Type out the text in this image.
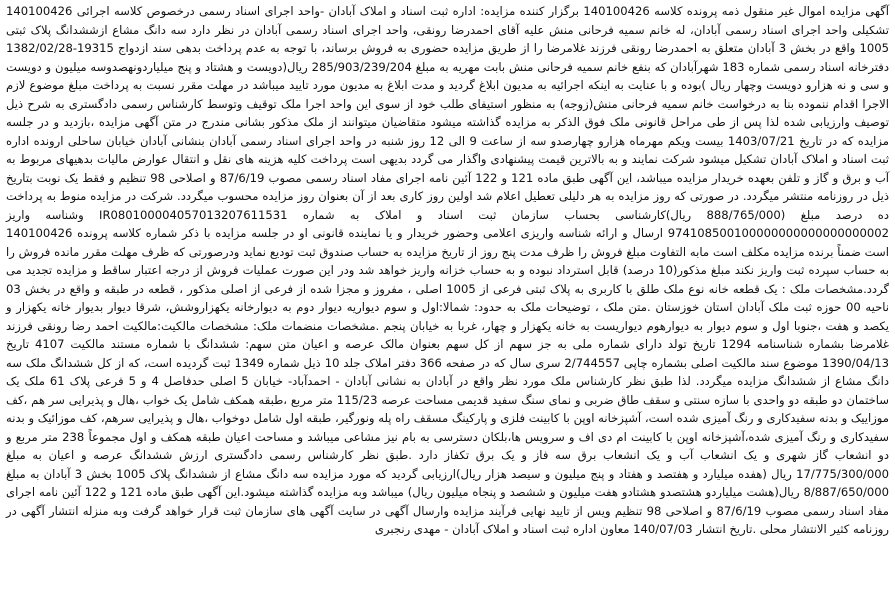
آگهی مزایده اموال غیر منقول ذمه پرونده کلاسه 140100426 برگزار کننده مزایده: اداره ثبت اسناد و املاک آبادان -واحد اجرای اسناد رسمی درخصوص کلاسه اجرائی 140100426 تشکیلی واحد اجرای اسناد رسمی آبادان، له خانم سمیه فرحانی منش علیه آقای احمدرضا رونقی، واحد اجرای اسناد رسمی آبادان در نظر دارد سه دانگ مشاع ازششدانگ پلاک ثبتی 1005 واقع در بخش 3 آبادان متعلق به احمدرضا رونقی فرزند غلامرضا را از طریق مزایده حضوری به فروش برساند، با توجه به عدم پرداخت بدهی سند ازدواج 19315-1382/02/28 دفترخانه اسناد رسمی شماره 183 شهرآبادان که بنفع خانم سمیه فرحانی منش بابت مهریه به مبلغ 285/903/239/204 ریال(دویست و هشتاد و پنج میلیاردونهصدوسه میلیون و دویست و سی و نه هزارو دویست وچهار ریال )بوده و با عنایت به اینکه اجرائیه به مدیون ابلاغ گردید و مدت ابلاغ به مدیون مورد تایید میباشد در مهلت مقرر نسبت به پرداخت مبلغ موضوع لازم الاجرا اقدام ننموده بنا به درخواست خانم سمیه فرحانی منش(زوجه) به منظور استیفای طلب خود از سوی این واحد اجرا ملک توقیف وتوسط کارشناس رسمی دادگستری به شرح ذیل توصیف وارزیابی شده لذا پس از طی مراحل قانونی ملک فوق الذکر به مزایده گذاشته میشود متقاضیان میتوانند از ملک مذکور بشانی مندرج در متن آگهی مزایده ،بازدید و در جلسه مزایده که در تاریخ 1403/07/21 بیست ویکم مهرماه هزارو چهارصدو سه از ساعت 9 الی 12 روز شنبه در واحد اجرای اسناد رسمی آبادان بنشانی آبادان خیابان ساحلی ارونده اداره ثبت اسناد و املاک آبادان تشکیل میشود شرکت نمایند و به بالاترین قیمت پیشنهادی واگذار می گردد بدیهی است پرداخت کلیه هزینه های نقل و انتقال عوارض مالیات بدهیهای مربوط به آب و برق و گاز و تلفن بعهده خریدار مزایده میباشد، این آگهی طبق ماده 121 و 122 آئین نامه اجرای مفاد اسناد رسمی مصوب 87/6/19 و اصلاحی 98 تنظیم و فقط یک نوبت بتاریخ ذیل در روزنامه منتشر میگردد. در صورتی که روز مزایده به هر دلیلی تعطیل اعلام شد اولین روز کاری بعد از آن بعنوان روز مزایده محسوب میگردد. شرکت در مزایده منوط به پرداخت ده درصد مبلغ (888/765/000 ریال)کارشناسی بحساب سازمان ثبت اسناد و املاک به شماره IR080100004057013207611531 وشناسه واریز 974108500100000000000000000002 ارسال و ارائه شناسه واریزی اعلامی وحضور خریدار و یا نماینده قانونی او در جلسه مزایده با ذکر شماره کلاسه پرونده 140100426 است ضمناً برنده مزایده مکلف است مابه التفاوت مبلغ فروش را ظرف مدت پنج روز از تاریخ مزایده به حساب صندوق ثبت تودیع نماید ودرصورتی که ظرف مهلت مقرر مانده فروش را به حساب سپرده ثبت واریز نکند مبلغ مذکور(10 درصد) قابل استرداد نبوده و به حساب خزانه واریز خواهد شد ودر این صورت عملیات فروش از درجه اعتبار ساقط و مزایده تجدید می گردد.مشخصات ملک : یک قطعه خانه نوع ملک طلق با کاربری به پلاک ثبتی فرعی از 1005 اصلی ، مفروز و مجزا شده از فرعی از اصلی مذکور ، قطعه در طبقه و واقع در بخش 03 ناحیه 00 حوزه ثبت ملک آبادان استان خوزستان .متن ملک ، توضیحات ملک به حدود: شمالا:اول و سوم دیواریه دیوار دوم به دیوارخانه یکهزاروشش، شرقا دیوار بدیوار خانه یکهزار و یکصد و هفت ،جنوبا اول و سوم دیوار به دیوارهوم دیواریست به خانه یکهزار و چهار، غربا به خیابان پنجم .مشخصات منضمات ملک: مشخصات مالکیت:مالکیت احمد رضا رونقی فرزند غلامرضا بشماره شناسنامه 1294 تاریخ تولد دارای شماره ملی به جز سهم از کل سهم بعنوان مالک عرصه و اعیان متن سهم: ششدانگ با شماره مستند مالکیت 4107 تاریخ 1390/04/13 موضوع سند مالکیت اصلی بشماره چاپی 2/744557 سری سال که در صفحه 366 دفتر املاک جلد 10 ذیل شماره 1349 ثبت گردیده است، که از کل ششدانگ ملک سه دانگ مشاع از ششدانگ مزایده میگردد. لذا طبق نظر کارشناس ملک مورد نظر واقع در آبادان به نشانی آبادان - احمدآباد- خیابان 5 اصلی حدفاصل 4 و 5 فرعی پلاک 61 ملک یک ساختمان دو طبقه دو واحدی با سازه سنتی و سقف طاق ضربی و نمای سنگ سفید قدیمی مساحت عرصه 115/23 متر مربع ،طبقه همکف شامل یک خواب ،هال و پذیرایی سر هم ،کف موزاییک و بدنه سفیدکاری و رنگ آمیزی شده است، آشپزخانه اوپن با کابینت فلزی و پارکینگ مسقف راه پله ونورگیر، طبقه اول شامل دوخواب ،هال و پذیرایی سرهم، کف موزائیک و بدنه سفیدکاری و رنگ آمیزی شده،آشپزخانه اوپن با کابینت ام دی اف و سرویس ها،بلکان دسترسی به بام نیز مشاعی میباشد و مساحت اعیان طبقه همکف و اول مجموعاً 238 متر مربع و دو انشعاب گاز شهری و یک انشعاب آب و یک انشعاب برق سه فاز و یک برق تکفاز دارد .طبق نظر کارشناس رسمی دادگستری ارزش ششدانگ عرصه و اعیان به مبلغ 17/775/300/000 ریال (هفده میلیارد و هفتصد و هفتاد و پنج میلیون و سیصد هزار ریال)ارزیابی گردید که مورد مزایده سه دانگ مشاع از ششدانگ پلاک 1005 بخش 3 آبادان به مبلغ 8/887/650/000 ریال(هشت میلیاردو هشتصدو هشتادو هفت میلیون و ششصد و پنجاه میلیون ریال) میباشد وبه مزایده گذاشته میشود.این آگهی طبق ماده 121 و 122 آئین نامه اجرای مفاد اسناد رسمی مصوب 87/6/19 و اصلاحی 98 تنظیم ویس از تایید نهایی فرآیند مزایده وارسال آگهی در سایت آگهی های سازمان ثبت قرار خواهد گرفت وبه منزله انتشار آگهی در روزنامه کثیر الانتشار محلی .تاریخ انتشار 140/07/03 معاون اداره ثبت اسناد و املاک آبادان - مهدی رنجبری
